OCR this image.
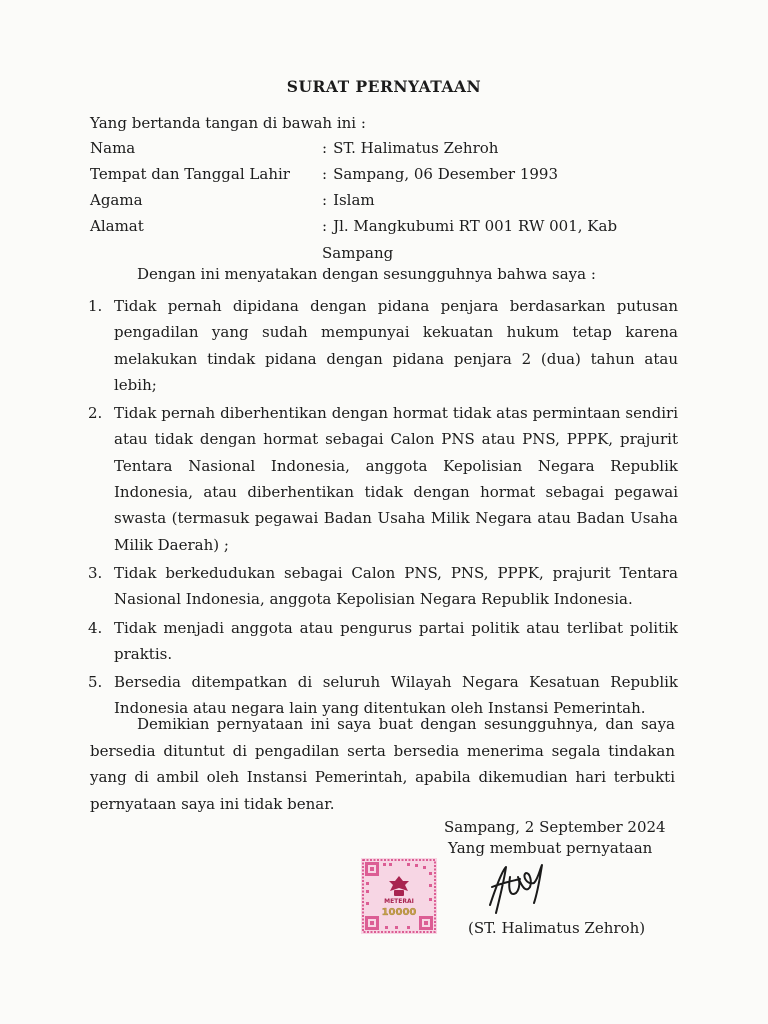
SURAT PERNYATAAN
Yang bertanda tangan di bawah ini :
Nama	: ST. Halimatus Zehroh
Tempat dan Tanggal Lahir : Sampang, 06 Desember 1993
Agama	: Islam
Alamat	: Jl. Mangkubumi RT 001 RW 001, Kab Sampang
Dengan ini menyatakan dengan sesungguhnya bahwa saya :
1. Tidak pernah dipidana dengan pidana penjara berdasarkan putusan pengadilan yang sudah mempunyai kekuatan hukum tetap karena melakukan tindak pidana dengan pidana penjara 2 (dua) tahun atau lebih;
2. Tidak pernah diberhentikan dengan hormat tidak atas permintaan sendiri atau tidak dengan hormat sebagai Calon PNS atau PNS, PPPK, prajurit Tentara Nasional Indonesia, anggota Kepolisian Negara Republik Indonesia, atau diberhentikan tidak dengan hormat sebagai pegawai swasta (termasuk pegawai Badan Usaha Milik Negara atau Badan Usaha Milik Daerah) ;
3. Tidak berkedudukan sebagai Calon PNS, PNS, PPPK, prajurit Tentara Nasional Indonesia, anggota Kepolisian Negara Republik Indonesia.
4. Tidak menjadi anggota atau pengurus partai politik atau terlibat politik praktis.
5. Bersedia ditempatkan di seluruh Wilayah Negara Kesatuan Republik Indonesia atau negara lain yang ditentukan oleh Instansi Pemerintah.
Demikian pernyataan ini saya buat dengan sesungguhnya, dan saya bersedia dituntut di pengadilan serta bersedia menerima segala tindakan yang di ambil oleh Instansi Pemerintah, apabila dikemudian hari terbukti pernyataan saya ini tidak benar.
Sampang, 2 September 2024
Yang membuat pernyataan
METERAI
10000
(ST. Halimatus Zehroh)
